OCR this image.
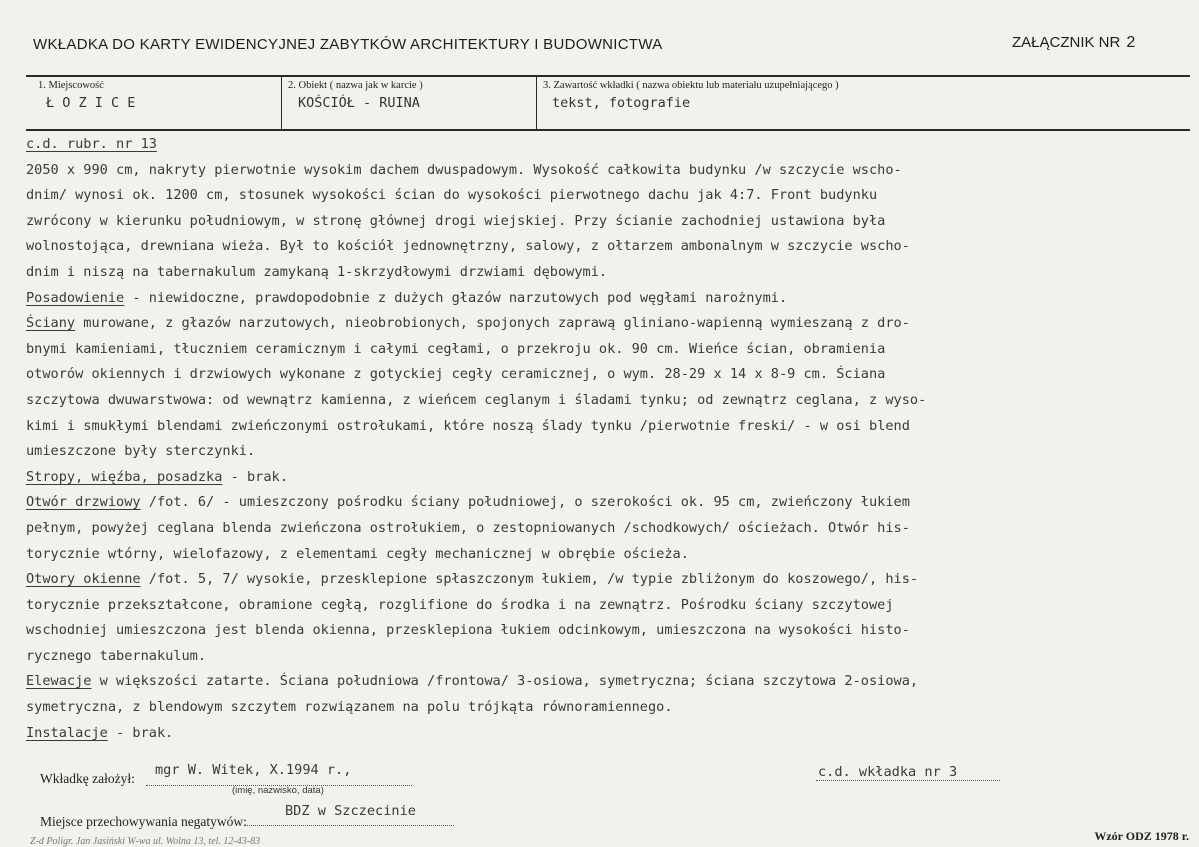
WKŁADKA DO KARTY EWIDENCYJNEJ ZABYTKÓW ARCHITEKTURY I BUDOWNICTWA	ZAŁĄCZNIK NR 2
1. Miejscowość
Ł O Z I C E
2. Obiekt ( nazwa jak w karcie )
KOŚCIÓŁ - RUINA
3. Zawartość wkładki ( nazwa obiektu lub materiału uzupełniającego )
tekst, fotografie
c.d. rubr. nr 13
2050 x 990 cm, nakryty pierwotnie wysokim dachem dwuspadowym. Wysokość całkowita budynku /w szczycie wscho-
dnim/ wynosi ok. 1200 cm, stosunek wysokości ścian do wysokości pierwotnego dachu jak 4:7. Front budynku
zwrócony w kierunku południowym, w stronę głównej drogi wiejskiej. Przy ścianie zachodniej ustawiona była
wolnostojąca, drewniana wieża. Był to kościół jednownętrzny, salowy, z ołtarzem ambonalnym w szczycie wscho-
dnim i niszą na tabernakulum zamykaną 1-skrzydłowymi drzwiami dębowymi.
Posadowienie - niewidoczne, prawdopodobnie z dużych głazów narzutowych pod węgłami narożnymi.
Ściany murowane, z głazów narzutowych, nieobrobionych, spojonych zaprawą gliniano-wapienną wymieszaną z dro-
bnymi kamieniami, tłuczniem ceramicznym i całymi cegłami, o przekroju ok. 90 cm. Wieńce ścian, obramienia
otworów okiennych i drzwiowych wykonane z gotyckiej cegły ceramicznej, o wym. 28-29 x 14 x 8-9 cm. Ściana
szczytowa dwuwarstwowa: od wewnątrz kamienna, z wieńcem ceglanym i śladami tynku; od zewnątrz ceglana, z wyso-
kimi i smukłymi blendami zwieńczonymi ostrołukami, które noszą ślady tynku /pierwotnie freski/ - w osi blend
umieszczone były sterczynki.
Stropy, więźba, posadzka - brak.
Otwór drzwiowy /fot. 6/ - umieszczony pośrodku ściany południowej, o szerokości ok. 95 cm, zwieńczony łukiem
pełnym, powyżej ceglana blenda zwieńczona ostrołukiem, o zestopniowanych /schodkowych/ ościeżach. Otwór his-
torycznie wtórny, wielofazowy, z elementami cegły mechanicznej w obrębie ościeża.
Otwory okienne /fot. 5, 7/ wysokie, przesklepione spłaszczonym łukiem, /w typie zbliżonym do koszowego/, his-
torycznie przekształcone, obramione cegłą, rozglifione do środka i na zewnątrz. Pośrodku ściany szczytowej
wschodniej umieszczona jest blenda okienna, przesklepiona łukiem odcinkowym, umieszczona na wysokości histo-
rycznego tabernakulum.
Elewacje w większości zatarte. Ściana południowa /frontowa/ 3-osiowa, symetryczna; ściana szczytowa 2-osiowa,
symetryczna, z blendowym szczytem rozwiązanem na polu trójkąta równoramiennego.
Instalacje - brak.
Wkładkę założył:
mgr W. Witek, X.1994 r.,
(imię, nazwisko, data)
c.d. wkładka nr 3
Miejsce przechowywania negatywów:
BDZ w Szczecinie
Wzór ODZ 1978 r.
Z-d Poligr. Jan Jasiński W-wa ul. Wolna 13, tel. 12-43-83
